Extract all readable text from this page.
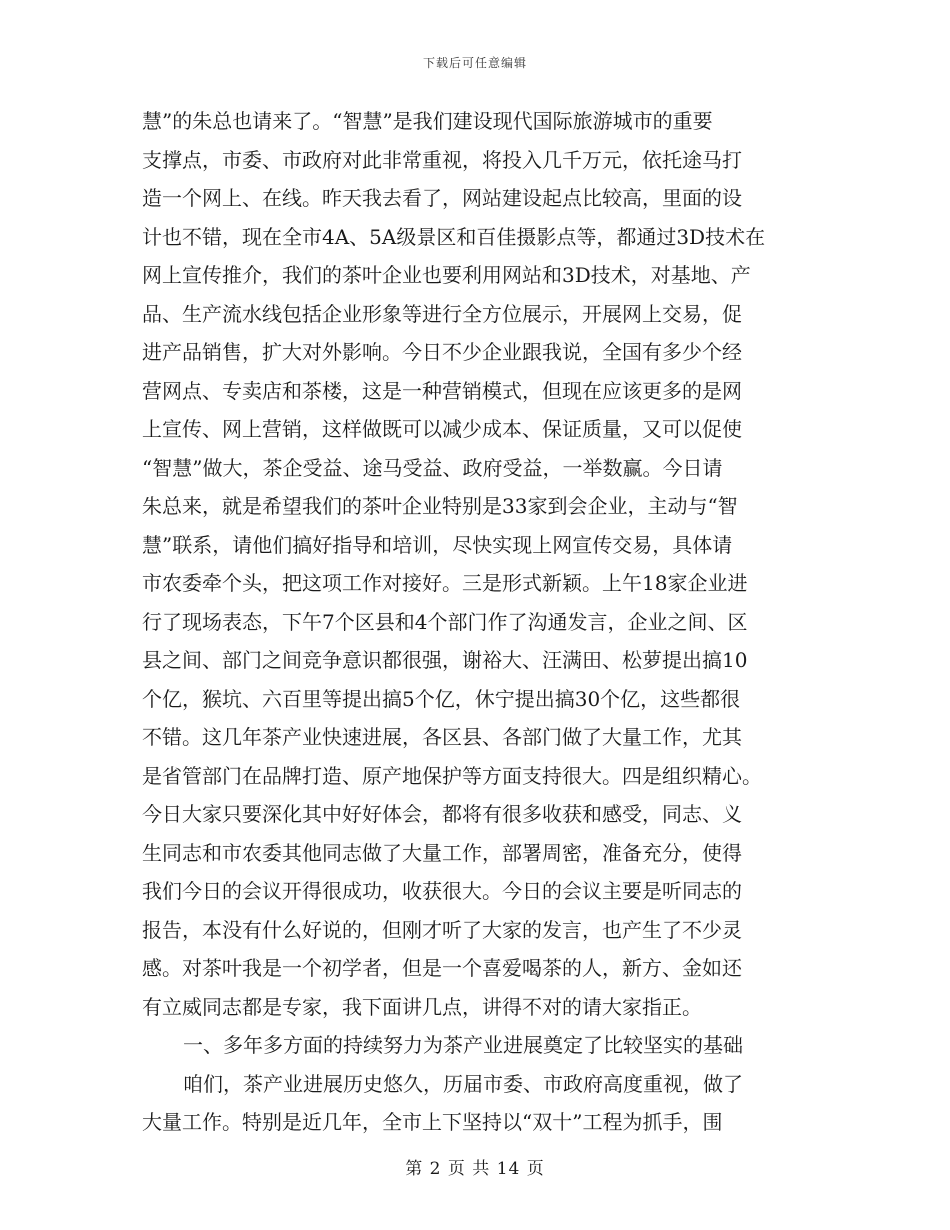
下载后可任意编辑
慧”的朱总也请来了。“智慧”是我们建设现代国际旅游城市的重要
支撑点，市委、市政府对此非常重视，将投入几千万元，依托途马打
造一个网上、在线。昨天我去看了，网站建设起点比较高，里面的设
计也不错，现在全市4A、5A级景区和百佳摄影点等，都通过3D技术在
网上宣传推介，我们的茶叶企业也要利用网站和3D技术，对基地、产
品、生产流水线包括企业形象等进行全方位展示，开展网上交易，促
进产品销售，扩大对外影响。今日不少企业跟我说，全国有多少个经
营网点、专卖店和茶楼，这是一种营销模式，但现在应该更多的是网
上宣传、网上营销，这样做既可以减少成本、保证质量，又可以促使
“智慧”做大，茶企受益、途马受益、政府受益，一举数赢。今日请
朱总来，就是希望我们的茶叶企业特别是33家到会企业，主动与“智
慧”联系，请他们搞好指导和培训，尽快实现上网宣传交易，具体请
市农委牵个头，把这项工作对接好。三是形式新颖。上午18家企业进
行了现场表态，下午7个区县和4个部门作了沟通发言，企业之间、区
县之间、部门之间竞争意识都很强，谢裕大、汪满田、松萝提出搞10
个亿，猴坑、六百里等提出搞5个亿，休宁提出搞30个亿，这些都很
不错。这几年茶产业快速进展，各区县、各部门做了大量工作，尤其
是省管部门在品牌打造、原产地保护等方面支持很大。四是组织精心。
今日大家只要深化其中好好体会，都将有很多收获和感受，同志、义
生同志和市农委其他同志做了大量工作，部署周密，准备充分，使得
我们今日的会议开得很成功，收获很大。今日的会议主要是听同志的
报告，本没有什么好说的，但刚才听了大家的发言，也产生了不少灵
感。对茶叶我是一个初学者，但是一个喜爱喝茶的人，新方、金如还
有立威同志都是专家，我下面讲几点，讲得不对的请大家指正。
一、多年多方面的持续努力为茶产业进展奠定了比较坚实的基础
咱们，茶产业进展历史悠久，历届市委、市政府高度重视，做了
大量工作。特别是近几年，全市上下坚持以“双十”工程为抓手，围
第 2 页 共 14 页
